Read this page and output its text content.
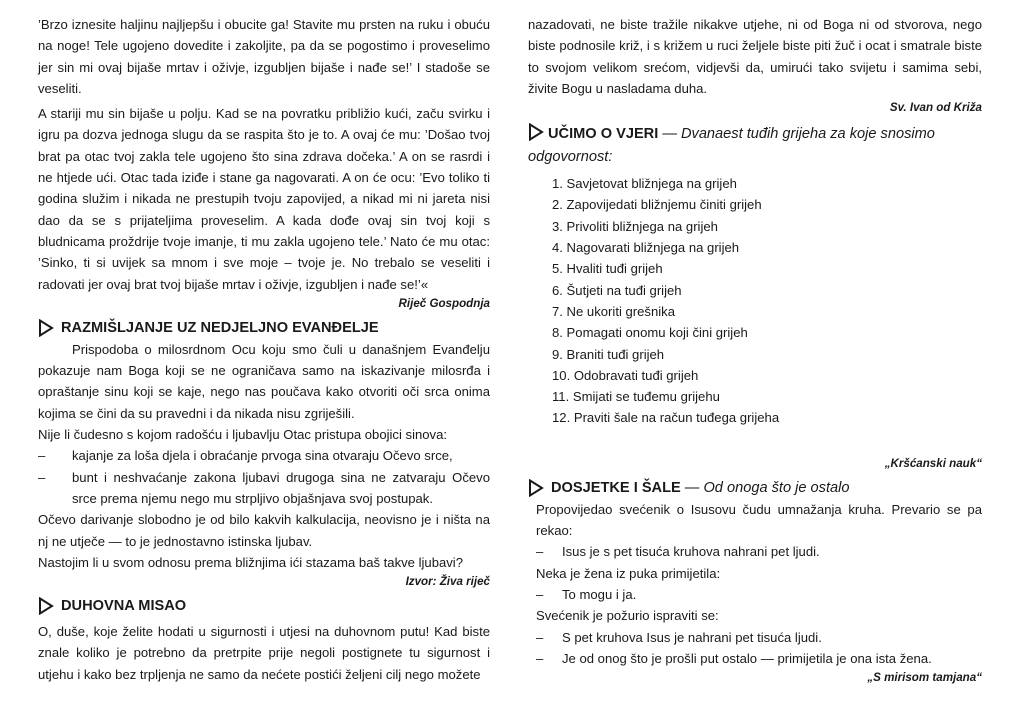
’Brzo iznesite haljinu najljepšu i obucite ga! Stavite mu prsten na ruku i obuću na noge! Tele ugojeno dovedite i zakoljite, pa da se pogostimo i proveselimo jer sin mi ovaj bijaše mrtav i oživje, izgubljen bijaše i nađe se!’ I stadoše se veseliti.

A stariji mu sin bijaše u polju. Kad se na povratku približio kući, začu svirku i igru pa dozva jednoga slugu da se raspita što je to. A ovaj će mu: ’Došao tvoj brat pa otac tvoj zakla tele ugojeno što sina zdrava dočeka.’ A on se rasrdi i ne htjede ući. Otac tada iziđe i stane ga nagovarati. A on će ocu: ’Evo toliko ti godina služim i nikada ne prestupih tvoju zapovijed, a nikad mi ni jareta nisi dao da se s prijateljima proveselim. A kada dođe ovaj sin tvoj koji s bludnicama proždrije tvoje imanje, ti mu zakla ugojeno tele.’ Nato će mu otac: ’Sinko, ti si uvijek sa mnom i sve moje – tvoje je. No trebalo se veseliti i radovati jer ovaj brat tvoj bijaše mrtav i oživje, izgubljen i nađe se!’«

Riječ Gospodnja
RAZMIŠLJANJE UZ NEDJELJNO EVANĐELJE

Prispodoba o milosrdnom Ocu koju smo čuli u današnjem Evanđelju pokazuje nam Boga koji se ne ograničava samo na iskazivanje milosrđa i opraštanje sinu koji se kaje, nego nas poučava kako otvoriti oči srca onima kojima se čini da su pravedni i da nikada nisu zgriješili.

Nije li čudesno s kojom radošću i ljubavlju Otac pristupa obojici sinova:

– kajanje za loša djela i obraćanje prvoga sina otvaraju Očevo srce,
– bunt i neshvaćanje zakona ljubavi drugoga sina ne zatvaraju Očevo srce prema njemu nego mu strpljivo objašnjava svoj postupak.

Očevo darivanje slobodno je od bilo kakvih kalkulacija, neovisno je i ništa na nj ne utječe — to je jednostavno istinska ljubav.

Nastojim li u svom odnosu prema bližnjima ići stazama baš takve ljubavi?

Izvor: Živa riječ
DUHOVNA MISAO

O, duše, koje želite hodati u sigurnosti i utjesi na duhovnom putu! Kad biste znale koliko je potrebno da pretrpite prije negoli postignete tu sigurnost i utjehu i kako bez trpljenja ne samo da nećete postići željeni cilj nego možete

nazadovati, ne biste tražile nikakve utjehe, ni od Boga ni od stvorova, nego biste podnosile križ, i s križem u ruci željele biste piti žuč i ocat i smatrale biste to svojom velikom srećom, vidjevši da, umirući tako svijetu i samima sebi, živite Bogu u nasladama duha.

Sv. Ivan od Križa
UČIMO O VJERI — Dvanaest tuđih grijeha za koje snosimo odgovornost:
1. Savjetovat bližnjega na grijeh
2. Zapovijedati bližnjemu činiti grijeh
3. Privoliti bližnjega na grijeh
4. Nagovarati bližnjega na grijeh
5. Hvaliti tuđi grijeh
6. Šutjeti na tuđi grijeh
7. Ne ukoriti grešnika
8. Pomagati onomu koji čini grijeh
9. Braniti tuđi grijeh
10. Odobravati tuđi grijeh
11. Smijati se tuđemu grijehu
12. Praviti šale na račun tuđega grijeha
„Kršćanski nauk“
DOSJETKE I ŠALE — Od onoga što je ostalo

Propovijedao svećenik o Isusovu čudu umnažanja kruha. Prevario se pa rekao:

– Isus je s pet tisuća kruhova nahrani pet ljudi.

Neka je žena iz puka primijetila:

– To mogu i ja.

Svećenik je požurio ispraviti se:

– S pet kruhova Isus je nahrani pet tisuća ljudi.
– Je od onog što je prošli put ostalo — primijetila je ona ista žena.
„S mirisom tamjana“
